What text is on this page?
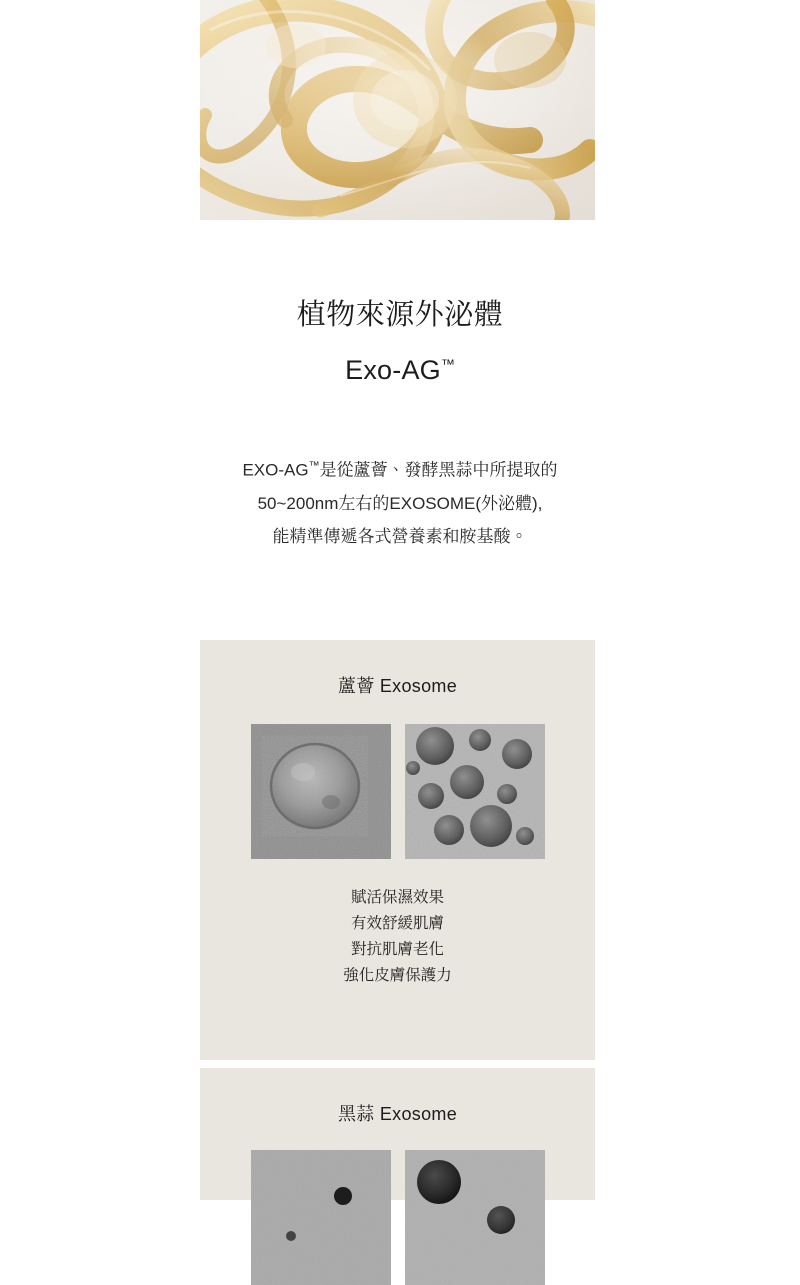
植物來源外泌體
Exo-AG™
EXO-AG™是從蘆薈、發酵黑蒜中所提取的
50~200nm左右的EXOSOME(外泌體),
能精準傳遞各式營養素和胺基酸。
蘆薈 Exosome
賦活保濕效果
有效舒緩肌膚
對抗肌膚老化
強化皮膚保護力
黑蒜 Exosome
